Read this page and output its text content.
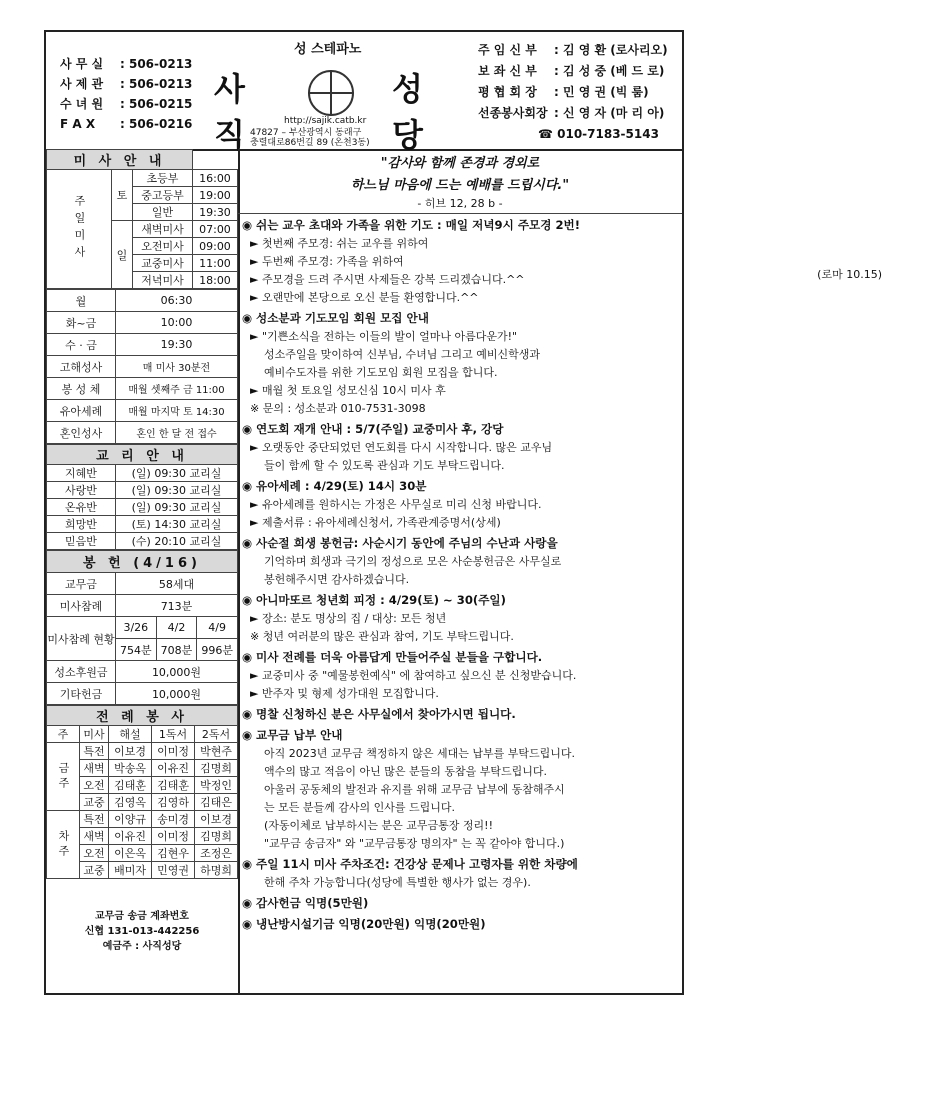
사 무 실 : 506-0213
사 제 관 : 506-0213
수 녀 원 : 506-0215
F A X : 506-0216
성 스테파노
사직
성당
http://sajik.catb.kr
47827 – 부산광역시 동래구
충렬대로86번길 89 (온천3동)
주 임 신 부 : 김 영 환 (로사리오)
보 좌 신 부 : 김 성 중 (베 드 로)
평 협 회 장 : 민 영 권 (빅 룸)
선종봉사회장 : 신 영 자 (마 리 아)
☎ 010-7183-5143
미 사 안 내			
주일미사	토	초등부	16:00
		중고등부	19:00
		일반	19:30
	일	새벽미사	07:00
		오전미사	09:00
		교중미사	11:00
		저녁미사	18:00
월	06:30
화~금	10:00
수 · 금	19:30
고해성사	매 미사 30분전
봉 성 체	매월 셋째주 금 11:00
유아세례	매월 마지막 토 14:30
혼인성사	혼인 한 달 전 접수
교 리 안 내	
지혜반	(일) 09:30 교리실
사랑반	(일) 09:30 교리실
온유반	(일) 09:30 교리실
희망반	(토) 14:30 교리실
믿음반	(수) 20:10 교리실
봉 헌 (4/16)			
교무금	58세대		
미사참례	713분		
미사참례 현황	3/26	4/2	4/9
	754분	708분	996분
성소후원금	10,000원		
기타헌금	10,000원		
전 례 봉 사				
주	미사	해설	1독서	2독서
금주	특전	이보경	이미정	박현주
	새벽	박송옥	이유진	김명희
	오전	김태훈	김태훈	박정인
	교중	김영옥	김영하	김태은
차주	특전	이양규	송미경	이보경
	새벽	이유진	이미정	김명희
	오전	이은옥	김현우	조정은
	교중	배미자	민영권	하명희
교무금 송금 계좌번호
신협 131-013-442256
예금주 : 사직성당
"감사와 함께 존경과 경외로
하느님 마음에 드는 예배를 드립시다."
- 히브 12, 28 b -
◉ 쉬는 교우 초대와 가족을 위한 기도 : 매일 저녁9시 주모경 2번!
► 첫번째 주모경: 쉬는 교우를 위하여
► 두번째 주모경: 가족을 위하여
► 주모경을 드려 주시면 사제들은 강복 드리겠습니다.^^
► 오랜만에 본당으로 오신 분들 환영합니다.^^
◉ 성소분과 기도모임 회원 모집 안내
► "기쁜소식을 전하는 이들의 발이 얼마나 아름다운가!"
(로마 10.15)
성소주일을 맞이하여 신부님, 수녀님 그리고 예비신학생과
예비수도자를 위한 기도모임 회원 모집을 합니다.
► 매월 첫 토요일 성모신심 10시 미사 후
※ 문의 : 성소분과 010-7531-3098
◉ 연도회 재개 안내 : 5/7(주일) 교중미사 후, 강당
► 오랫동안 중단되었던 연도회를 다시 시작합니다. 많은 교우님
들이 함께 할 수 있도록 관심과 기도 부탁드립니다.
◉ 유아세례 : 4/29(토) 14시 30분
► 유아세례를 원하시는 가정은 사무실로 미리 신청 바랍니다.
► 제출서류 : 유아세례신청서, 가족관계증명서(상세)
◉ 사순절 희생 봉헌금: 사순시기 동안에 주님의 수난과 사랑을
기억하며 희생과 극기의 정성으로 모은 사순봉헌금은 사무실로
봉헌해주시면 감사하겠습니다.
◉ 아니마또르 청년회 피정 : 4/29(토) ~ 30(주일)
► 장소: 분도 명상의 집 / 대상: 모든 청년
※ 청년 여러분의 많은 관심과 참여, 기도 부탁드립니다.
◉ 미사 전례를 더욱 아름답게 만들어주실 분들을 구합니다.
► 교중미사 중 "예물봉헌예식" 에 참여하고 싶으신 분 신청받습니다.
► 반주자 및 형제 성가대원 모집합니다.
◉ 명찰 신청하신 분은 사무실에서 찾아가시면 됩니다.
◉ 교무금 납부 안내
아직 2023년 교무금 책정하지 않은 세대는 납부를 부탁드립니다.
액수의 많고 적음이 아닌 많은 분들의 동참을 부탁드립니다.
아울러 공동체의 발전과 유지를 위해 교무금 납부에 동참해주시
는 모든 분들께 감사의 인사를 드립니다.
(자동이체로 납부하시는 분은 교무금통장 정리!!
"교무금 송금자" 와 "교무금통장 명의자" 는 꼭 같아야 합니다.)
◉ 주일 11시 미사 주차조건: 건강상 문제나 고령자를 위한 차량에
한해 주차 가능합니다(성당에 특별한 행사가 없는 경우).
◉ 감사헌금 익명(5만원)
◉ 냉난방시설기금 익명(20만원) 익명(20만원)
